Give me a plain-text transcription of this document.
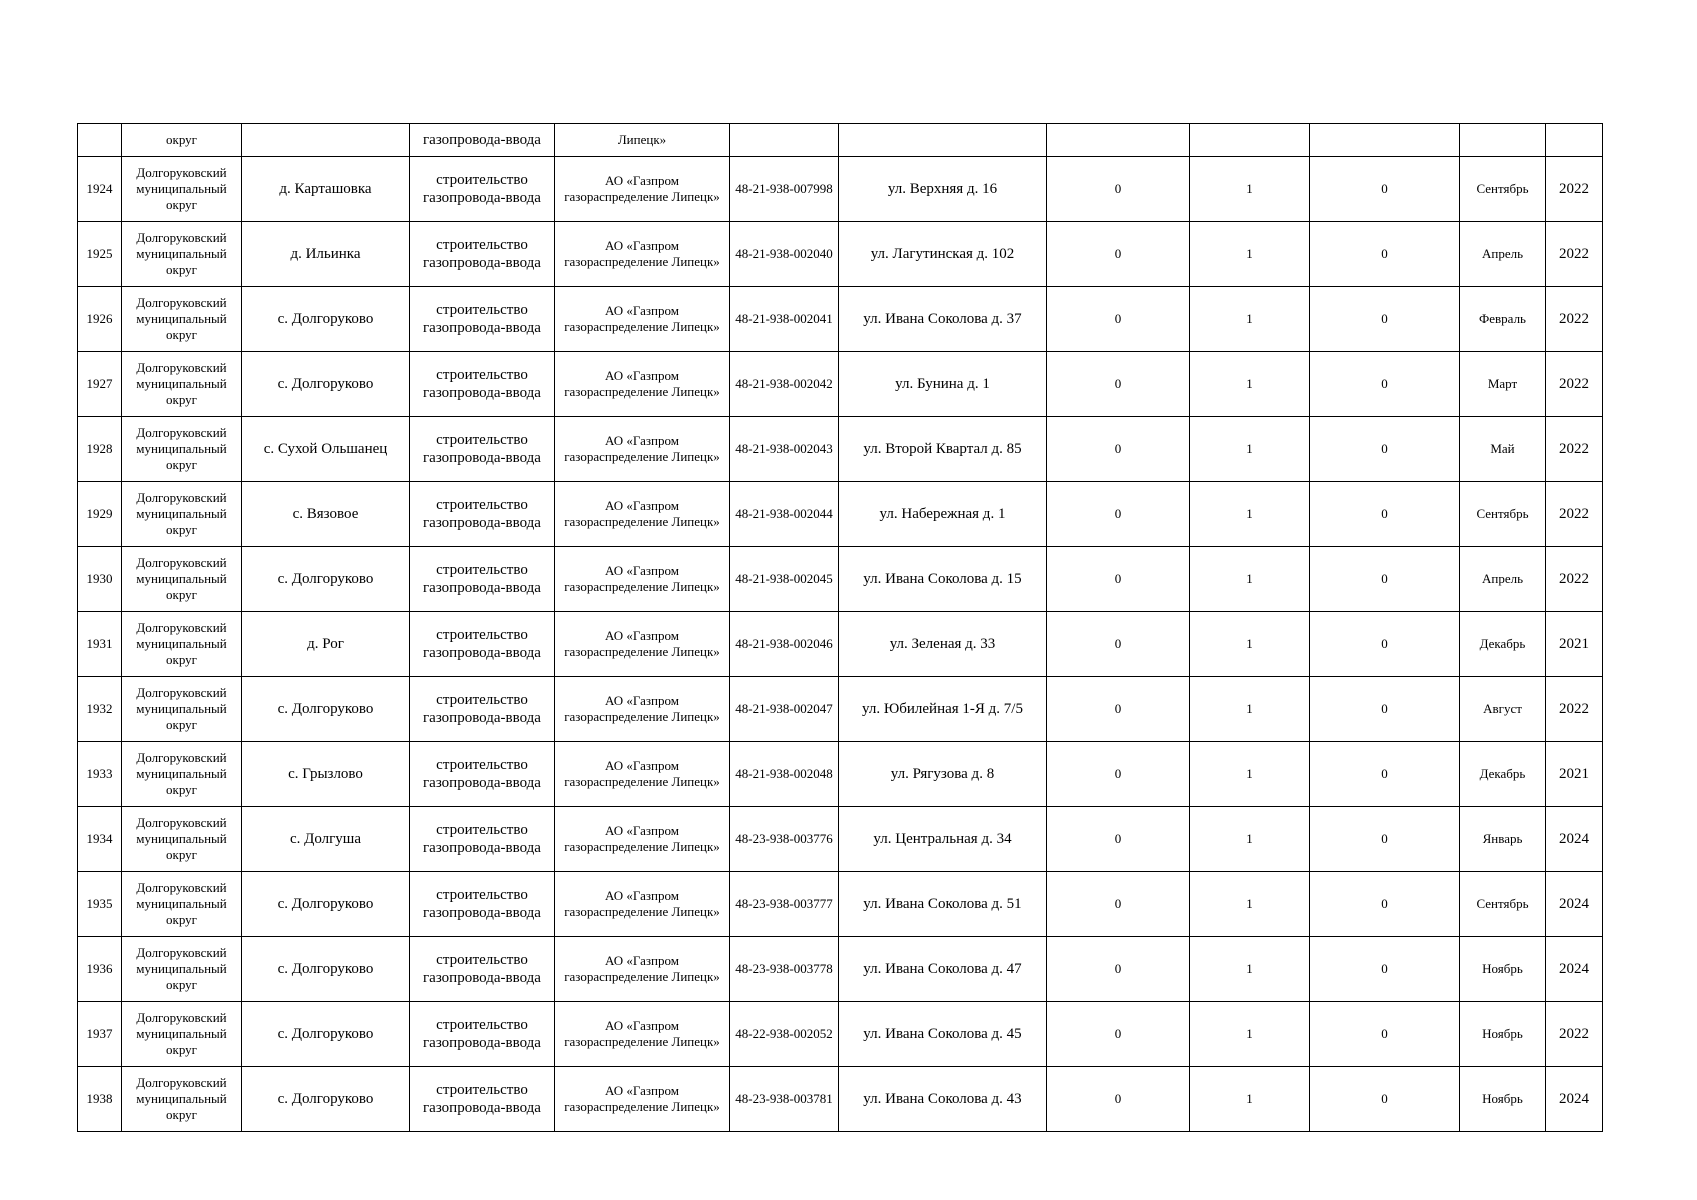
	округ		газопровода-ввода	Липецк»							
1924	Долгоруковский муниципальный округ	д. Карташовка	строительство газопровода-ввода	АО «Газпром газораспределение Липецк»	48-21-938-007998	ул. Верхняя д. 16	0	1	0	Сентябрь	2022
1925	Долгоруковский муниципальный округ	д. Ильинка	строительство газопровода-ввода	АО «Газпром газораспределение Липецк»	48-21-938-002040	ул. Лагутинская д. 102	0	1	0	Апрель	2022
1926	Долгоруковский муниципальный округ	с. Долгоруково	строительство газопровода-ввода	АО «Газпром газораспределение Липецк»	48-21-938-002041	ул. Ивана Соколова д. 37	0	1	0	Февраль	2022
1927	Долгоруковский муниципальный округ	с. Долгоруково	строительство газопровода-ввода	АО «Газпром газораспределение Липецк»	48-21-938-002042	ул. Бунина д. 1	0	1	0	Март	2022
1928	Долгоруковский муниципальный округ	с. Сухой Ольшанец	строительство газопровода-ввода	АО «Газпром газораспределение Липецк»	48-21-938-002043	ул. Второй Квартал д. 85	0	1	0	Май	2022
1929	Долгоруковский муниципальный округ	с. Вязовое	строительство газопровода-ввода	АО «Газпром газораспределение Липецк»	48-21-938-002044	ул. Набережная д. 1	0	1	0	Сентябрь	2022
1930	Долгоруковский муниципальный округ	с. Долгоруково	строительство газопровода-ввода	АО «Газпром газораспределение Липецк»	48-21-938-002045	ул. Ивана Соколова д. 15	0	1	0	Апрель	2022
1931	Долгоруковский муниципальный округ	д. Рог	строительство газопровода-ввода	АО «Газпром газораспределение Липецк»	48-21-938-002046	ул. Зеленая д. 33	0	1	0	Декабрь	2021
1932	Долгоруковский муниципальный округ	с. Долгоруково	строительство газопровода-ввода	АО «Газпром газораспределение Липецк»	48-21-938-002047	ул. Юбилейная 1-Я д. 7/5	0	1	0	Август	2022
1933	Долгоруковский муниципальный округ	с. Грызлово	строительство газопровода-ввода	АО «Газпром газораспределение Липецк»	48-21-938-002048	ул. Рягузова д. 8	0	1	0	Декабрь	2021
1934	Долгоруковский муниципальный округ	с. Долгуша	строительство газопровода-ввода	АО «Газпром газораспределение Липецк»	48-23-938-003776	ул. Центральная д. 34	0	1	0	Январь	2024
1935	Долгоруковский муниципальный округ	с. Долгоруково	строительство газопровода-ввода	АО «Газпром газораспределение Липецк»	48-23-938-003777	ул. Ивана Соколова д. 51	0	1	0	Сентябрь	2024
1936	Долгоруковский муниципальный округ	с. Долгоруково	строительство газопровода-ввода	АО «Газпром газораспределение Липецк»	48-23-938-003778	ул. Ивана Соколова д. 47	0	1	0	Ноябрь	2024
1937	Долгоруковский муниципальный округ	с. Долгоруково	строительство газопровода-ввода	АО «Газпром газораспределение Липецк»	48-22-938-002052	ул. Ивана Соколова д. 45	0	1	0	Ноябрь	2022
1938	Долгоруковский муниципальный округ	с. Долгоруково	строительство газопровода-ввода	АО «Газпром газораспределение Липецк»	48-23-938-003781	ул. Ивана Соколова д. 43	0	1	0	Ноябрь	2024
